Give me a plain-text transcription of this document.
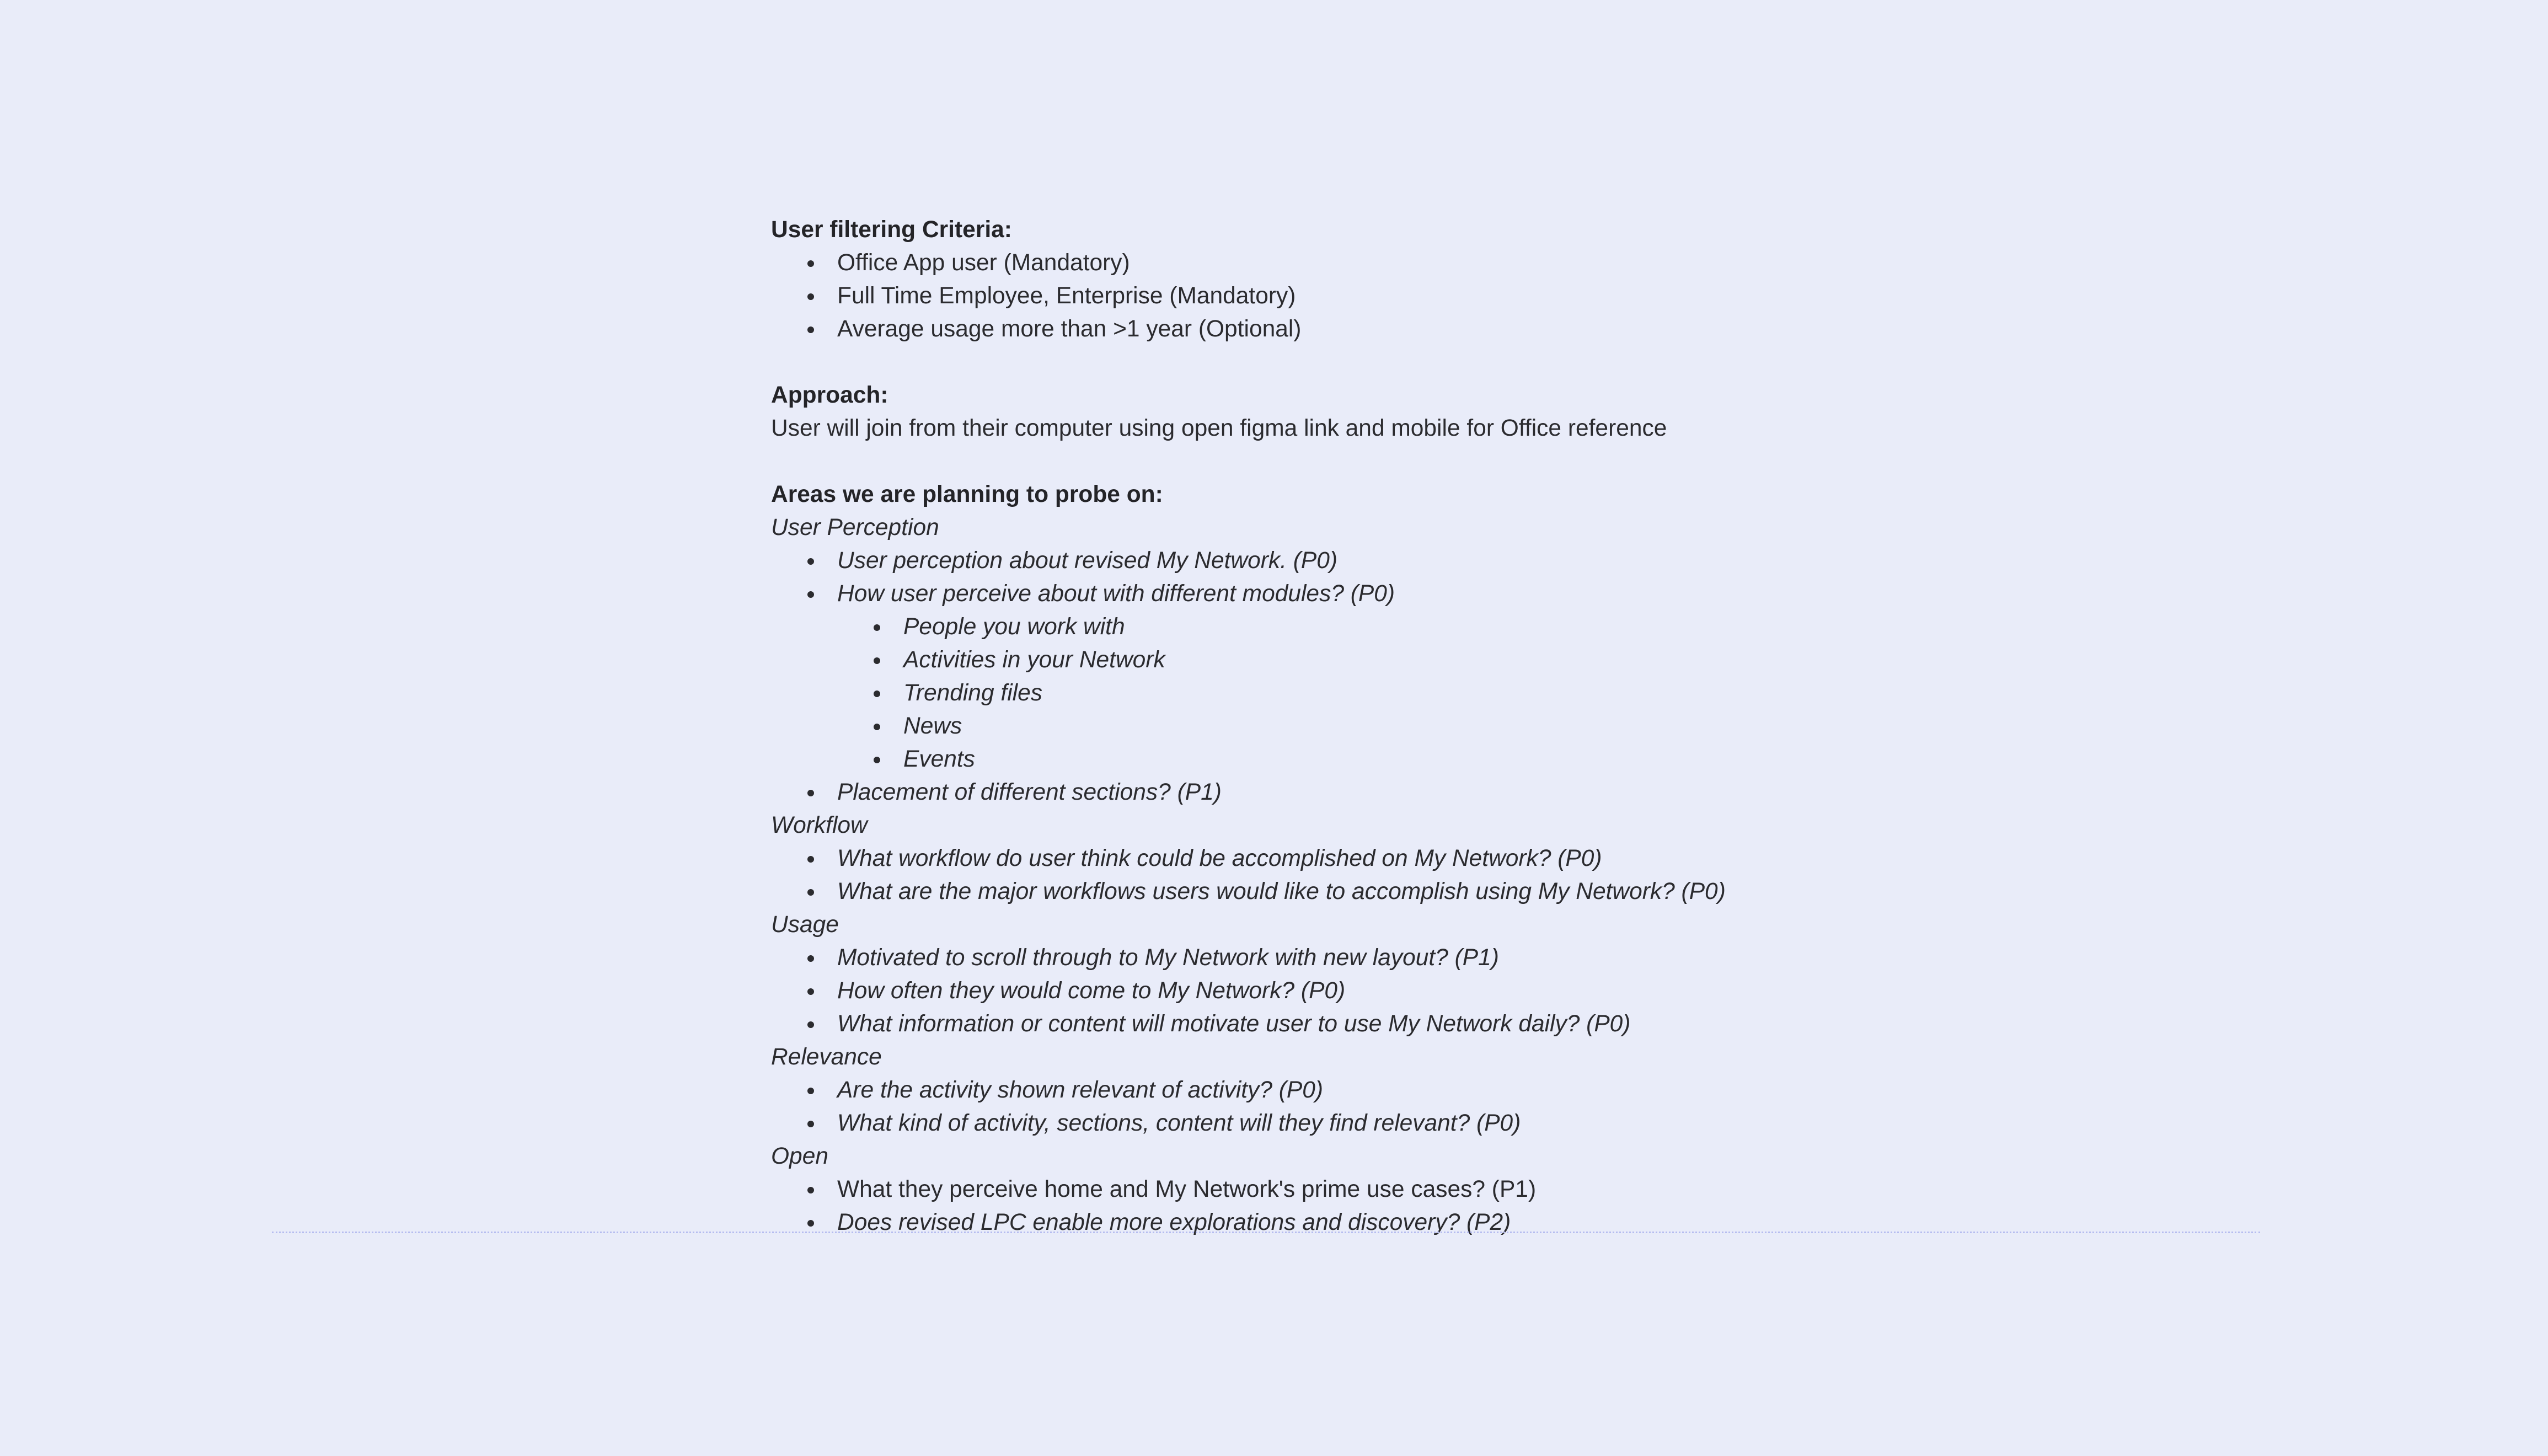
User filtering Criteria:

Office App user (Mandatory)
Full Time Employee, Enterprise (Mandatory)
Average usage more than >1 year (Optional)

Approach:

User will join from their computer using open figma link and mobile for Office reference

Areas we are planning to probe on:

User Perception

User perception about revised My Network. (P0)
How user perceive about with different modules? (P0)
People you work with
Activities in your Network
Trending files
News
Events
Placement of different sections? (P1)

Workflow

What workflow do user think could be accomplished on My Network? (P0)
What are the major workflows users would like to accomplish using My Network? (P0)

Usage

Motivated to scroll through to My Network with new layout? (P1)
How often they would come to My Network? (P0)
What information or content will motivate user to use My Network daily? (P0)

Relevance

Are the activity shown relevant of activity? (P0)
What kind of activity, sections, content will they find relevant? (P0)

Open

What they perceive home and My Network's prime use cases? (P1)
Does revised LPC enable more explorations and discovery? (P2)
